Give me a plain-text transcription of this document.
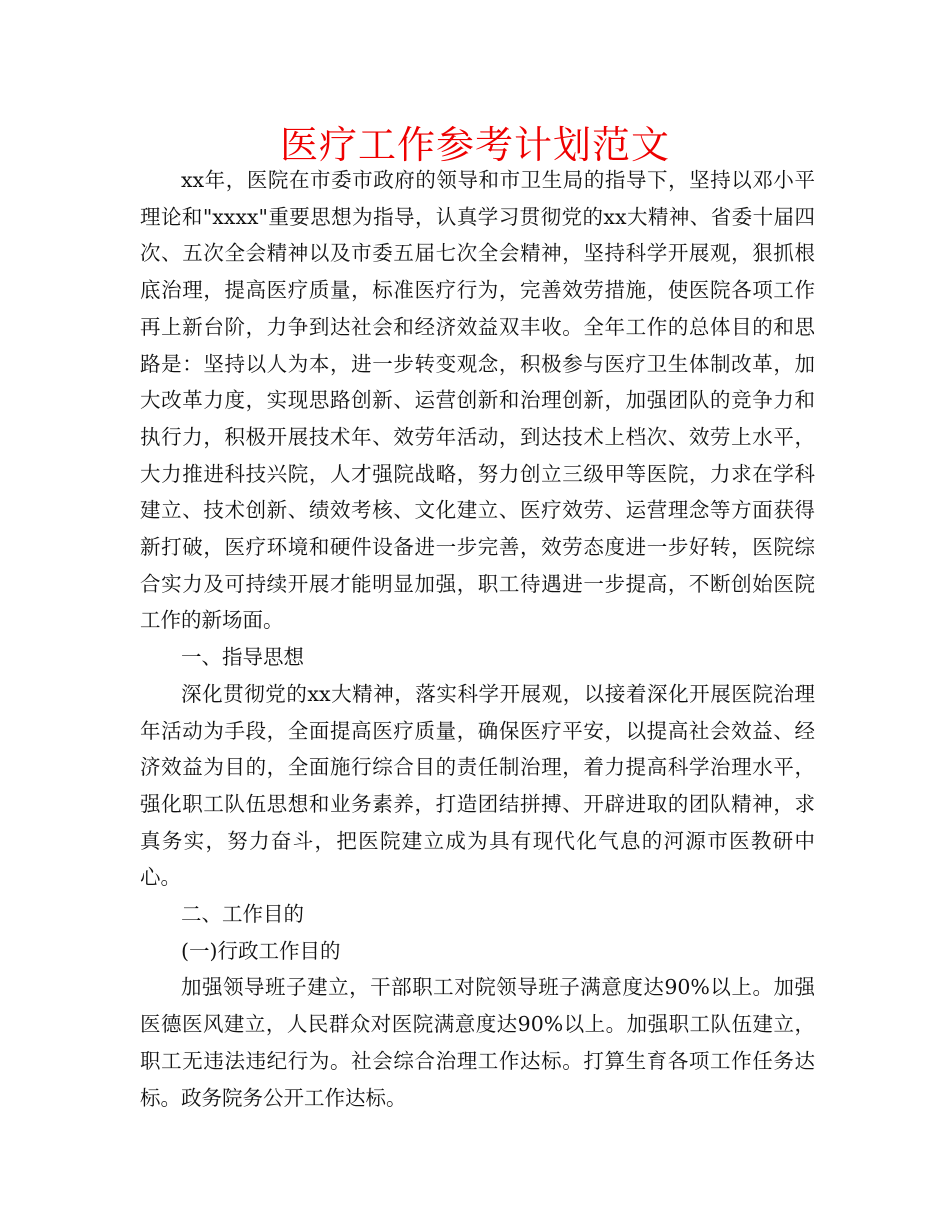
医疗工作参考计划范文

xx年，医院在市委市政府的领导和市卫生局的指导下，坚持以邓小平理论和"xxxx"重要思想为指导，认真学习贯彻党的xx大精神、省委十届四次、五次全会精神以及市委五届七次全会精神，坚持科学开展观，狠抓根底治理，提高医疗质量，标准医疗行为，完善效劳措施，使医院各项工作再上新台阶，力争到达社会和经济效益双丰收。全年工作的总体目的和思路是：坚持以人为本，进一步转变观念，积极参与医疗卫生体制改革，加大改革力度，实现思路创新、运营创新和治理创新，加强团队的竞争力和执行力，积极开展技术年、效劳年活动，到达技术上档次、效劳上水平，大力推进科技兴院，人才强院战略，努力创立三级甲等医院，力求在学科建立、技术创新、绩效考核、文化建立、医疗效劳、运营理念等方面获得新打破，医疗环境和硬件设备进一步完善，效劳态度进一步好转，医院综合实力及可持续开展才能明显加强，职工待遇进一步提高，不断创始医院工作的新场面。

一、指导思想

深化贯彻党的xx大精神，落实科学开展观，以接着深化开展医院治理年活动为手段，全面提高医疗质量，确保医疗平安，以提高社会效益、经济效益为目的，全面施行综合目的责任制治理，着力提高科学治理水平，强化职工队伍思想和业务素养，打造团结拼搏、开辟进取的团队精神，求真务实，努力奋斗，把医院建立成为具有现代化气息的河源市医教研中心。

二、工作目的

(一)行政工作目的

加强领导班子建立，干部职工对院领导班子满意度达90%以上。加强医德医风建立，人民群众对医院满意度达90%以上。加强职工队伍建立，职工无违法违纪行为。社会综合治理工作达标。打算生育各项工作任务达标。政务院务公开工作达标。
